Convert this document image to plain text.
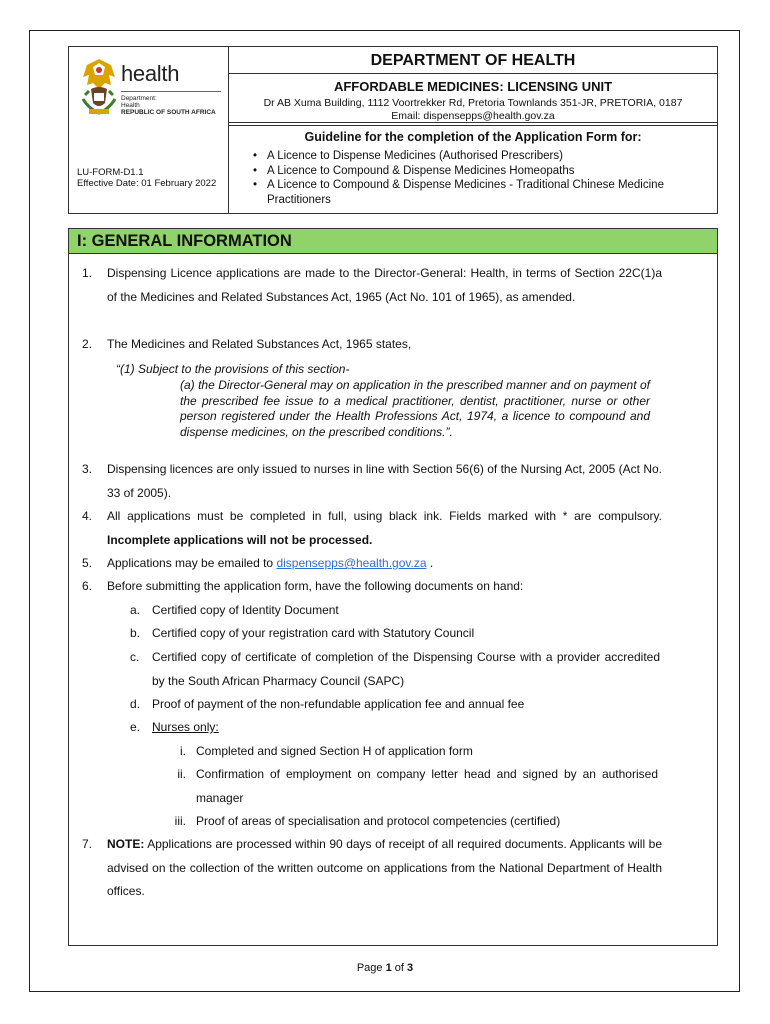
health
Department:
Health
REPUBLIC OF SOUTH AFRICA
LU-FORM-D1.1
Effective Date: 01 February 2022
DEPARTMENT OF HEALTH
AFFORDABLE MEDICINES: LICENSING UNIT
Dr AB Xuma Building, 1112 Voortrekker Rd, Pretoria Townlands 351-JR, PRETORIA, 0187
Email: dispensepps@health.gov.za
Guideline for the completion of the Application Form for:
• A Licence to Dispense Medicines (Authorised Prescribers)
• A Licence to Compound & Dispense Medicines Homeopaths
• A Licence to Compound & Dispense Medicines - Traditional Chinese Medicine Practitioners
I: GENERAL INFORMATION
1. Dispensing Licence applications are made to the Director-General: Health, in terms of Section 22C(1)a of the Medicines and Related Substances Act, 1965 (Act No. 101 of 1965), as amended.
2. The Medicines and Related Substances Act, 1965 states,
“(1) Subject to the provisions of this section-
(a) the Director-General may on application in the prescribed manner and on payment of the prescribed fee issue to a medical practitioner, dentist, practitioner, nurse or other person registered under the Health Professions Act, 1974, a licence to compound and dispense medicines, on the prescribed conditions.”.
3. Dispensing licences are only issued to nurses in line with Section 56(6) of the Nursing Act, 2005 (Act No. 33 of 2005).
4. All applications must be completed in full, using black ink. Fields marked with * are compulsory. Incomplete applications will not be processed.
5. Applications may be emailed to dispensepps@health.gov.za .
6. Before submitting the application form, have the following documents on hand:
a. Certified copy of Identity Document
b. Certified copy of your registration card with Statutory Council
c. Certified copy of certificate of completion of the Dispensing Course with a provider accredited by the South African Pharmacy Council (SAPC)
d. Proof of payment of the non-refundable application fee and annual fee
e. Nurses only:
i. Completed and signed Section H of application form
ii. Confirmation of employment on company letter head and signed by an authorised manager
iii. Proof of areas of specialisation and protocol competencies (certified)
7. NOTE: Applications are processed within 90 days of receipt of all required documents. Applicants will be advised on the collection of the written outcome on applications from the National Department of Health offices.
Page 1 of 3
